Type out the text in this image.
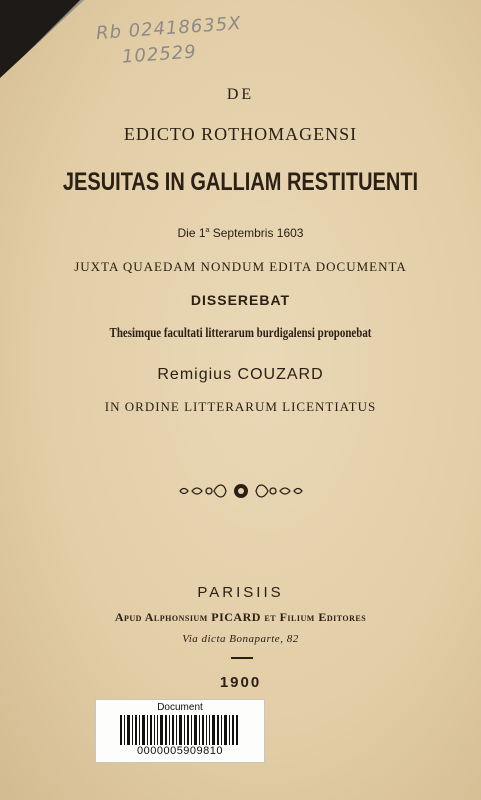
Rb 02418635X
102529
DE
EDICTO ROTHOMAGENSI
JESUITAS IN GALLIAM RESTITUENTI
Die 1$^a$ Septembris 1603
JUXTA QUAEDAM NONDUM EDITA DOCUMENTA
DISSEREBAT
Thesimque facultati litterarum burdigalensi proponebat
Remigius COUZARD
IN ORDINE LITTERARUM LICENTIATUS
PARISIIS
Apud Alphonsium PICARD et Filium Editores
Via dicta Bonaparte, 82
1900
Document
0000005909810
